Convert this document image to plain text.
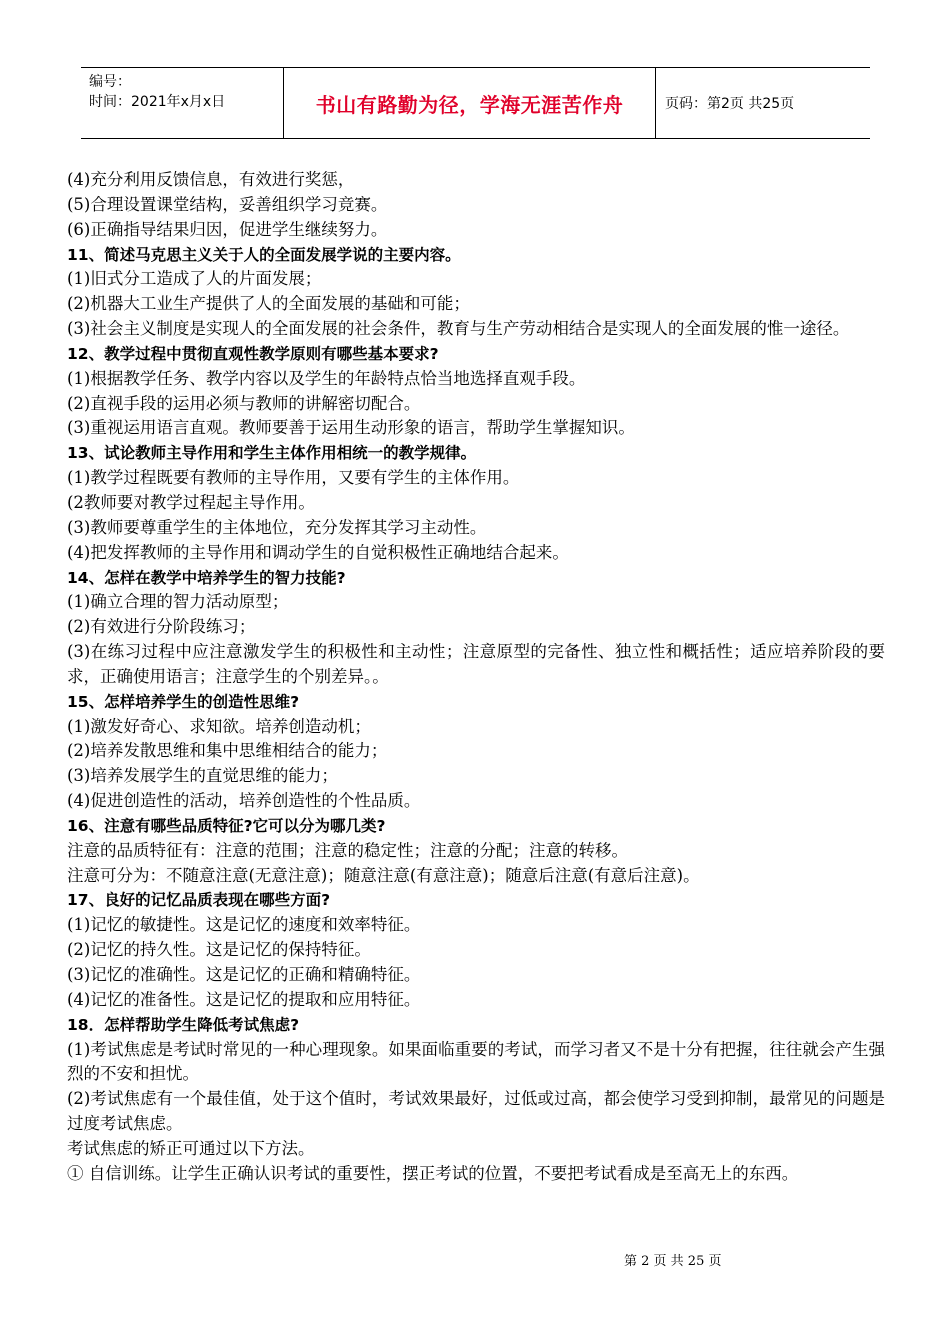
编号：
时间：2021年x月x日	书山有路勤为径，学海无涯苦作舟	页码：第2页 共25页
(4)充分利用反馈信息，有效进行奖惩，
(5)合理设置课堂结构，妥善组织学习竞赛。
(6)正确指导结果归因，促进学生继续努力。
11、简述马克思主义关于人的全面发展学说的主要内容。
(1)旧式分工造成了人的片面发展；
(2)机器大工业生产提供了人的全面发展的基础和可能；
(3)社会主义制度是实现人的全面发展的社会条件，教育与生产劳动相结合是实现人的全面发展的惟一途径。
12、教学过程中贯彻直观性教学原则有哪些基本要求?
(1)根据教学任务、教学内容以及学生的年龄特点恰当地选择直观手段。
(2)直视手段的运用必须与教师的讲解密切配合。
(3)重视运用语言直观。教师要善于运用生动形象的语言，帮助学生掌握知识。
13、试论教师主导作用和学生主体作用相统一的教学规律。
(1)教学过程既要有教师的主导作用，又要有学生的主体作用。
(2教师要对教学过程起主导作用。
(3)教师要尊重学生的主体地位，充分发挥其学习主动性。
(4)把发挥教师的主导作用和调动学生的自觉积极性正确地结合起来。
14、怎样在教学中培养学生的智力技能?
(1)确立合理的智力活动原型；
(2)有效进行分阶段练习；
(3)在练习过程中应注意激发学生的积极性和主动性；注意原型的完备性、独立性和概括性；适应培养阶段的要求，正确使用语言；注意学生的个别差异。。
15、怎样培养学生的创造性思维?
(1)激发好奇心、求知欲。培养创造动机；
(2)培养发散思维和集中思维相结合的能力；
(3)培养发展学生的直觉思维的能力；
(4)促进创造性的活动，培养创造性的个性品质。
16、注意有哪些品质特征?它可以分为哪几类?
注意的品质特征有：注意的范围；注意的稳定性；注意的分配；注意的转移。
注意可分为：不随意注意(无意注意)；随意注意(有意注意)；随意后注意(有意后注意)。
17、良好的记忆品质表现在哪些方面?
(1)记忆的敏捷性。这是记忆的速度和效率特征。
(2)记忆的持久性。这是记忆的保持特征。
(3)记忆的准确性。这是记忆的正确和精确特征。
(4)记忆的准备性。这是记忆的提取和应用特征。
18．怎样帮助学生降低考试焦虑?
(1)考试焦虑是考试时常见的一种心理现象。如果面临重要的考试，而学习者又不是十分有把握，往往就会产生强烈的不安和担忧。
(2)考试焦虑有一个最佳值，处于这个值时，考试效果最好，过低或过高，都会使学习受到抑制，最常见的问题是过度考试焦虑。
考试焦虑的矫正可通过以下方法。
① 自信训练。让学生正确认识考试的重要性，摆正考试的位置，不要把考试看成是至高无上的东西。
第 2 页 共 25 页
